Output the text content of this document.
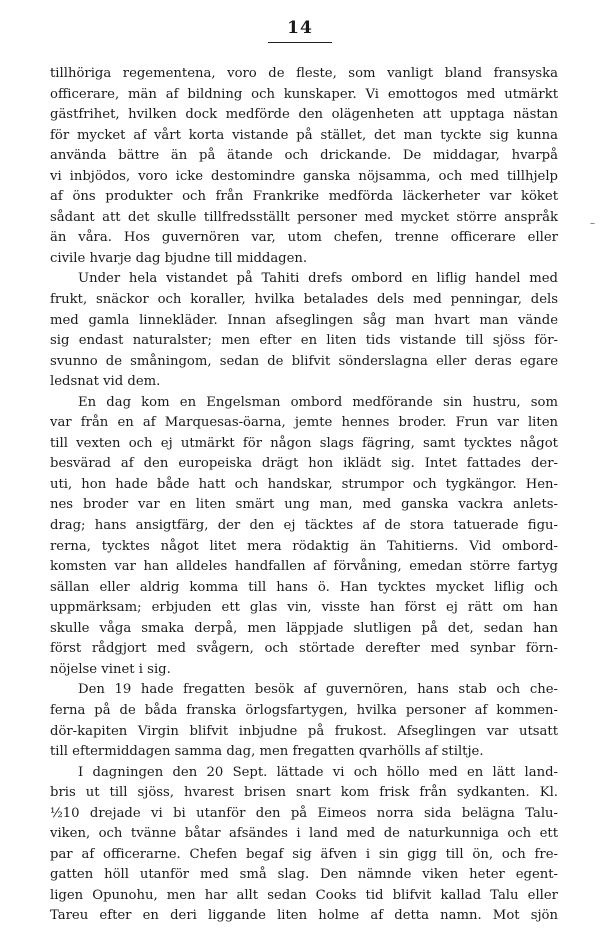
14
tillhöriga regementena, voro de fleste, som vanligt bland fransyska
officerare, män af bildning och kunskaper. Vi emottogos med utmärkt
gästfrihet, hvilken dock medförde den olägenheten att upptaga nästan
för mycket af vårt korta vistande på stället, det man tyckte sig kunna
använda bättre än på ätande och drickande. De middagar, hvarpå
vi inbjödos, voro icke destomindre ganska nöjsamma, och med tillhjelp
af öns produkter och från Frankrike medförda läckerheter var köket
sådant att det skulle tillfredsställt personer med mycket större anspråk
än våra. Hos guvernören var, utom chefen, trenne officerare eller
civile hvarje dag bjudne till middagen.
Under hela vistandet på Tahiti drefs ombord en liflig handel med
frukt, snäckor och koraller, hvilka betalades dels med penningar, dels
med gamla linnekläder. Innan afseglingen såg man hvart man vände
sig endast naturalster; men efter en liten tids vistande till sjöss för-
svunno de småningom, sedan de blifvit sönderslagna eller deras egare
ledsnat vid dem.
En dag kom en Engelsman ombord medförande sin hustru, som
var från en af Marquesas-öarna, jemte hennes broder. Frun var liten
till vexten och ej utmärkt för någon slags fägring, samt tycktes något
besvärad af den europeiska drägt hon iklädt sig. Intet fattades der-
uti, hon hade både hatt och handskar, strumpor och tygkängor. Hen-
nes broder var en liten smärt ung man, med ganska vackra anlets-
drag; hans ansigtfärg, der den ej täcktes af de stora tatuerade figu-
rerna, tycktes något litet mera rödaktig än Tahitierns. Vid ombord-
komsten var han alldeles handfallen af förvåning, emedan större fartyg
sällan eller aldrig komma till hans ö. Han tycktes mycket liflig och
uppmärksam; erbjuden ett glas vin, visste han först ej rätt om han
skulle våga smaka derpå, men läppjade slutligen på det, sedan han
först rådgjort med svågern, och störtade derefter med synbar förn-
nöjelse vinet i sig.
Den 19 hade fregatten besök af guvernören, hans stab och che-
ferna på de båda franska örlogsfartygen, hvilka personer af kommen-
dör-kapiten Virgin blifvit inbjudne på frukost. Afseglingen var utsatt
till eftermiddagen samma dag, men fregatten qvarhölls af stiltje.
I dagningen den 20 Sept. lättade vi och höllo med en lätt land-
bris ut till sjöss, hvarest brisen snart kom frisk från sydkanten. Kl.
½10 drejade vi bi utanför den på Eimeos norra sida belägna Talu-
viken, och tvänne båtar afsändes i land med de naturkunniga och ett
par af officerarne. Chefen begaf sig äfven i sin gigg till ön, och fre-
gatten höll utanför med små slag. Den nämnde viken heter egent-
ligen Opunohu, men har allt sedan Cooks tid blifvit kallad Talu eller
Tareu efter en deri liggande liten holme af detta namn. Mot sjön
–
